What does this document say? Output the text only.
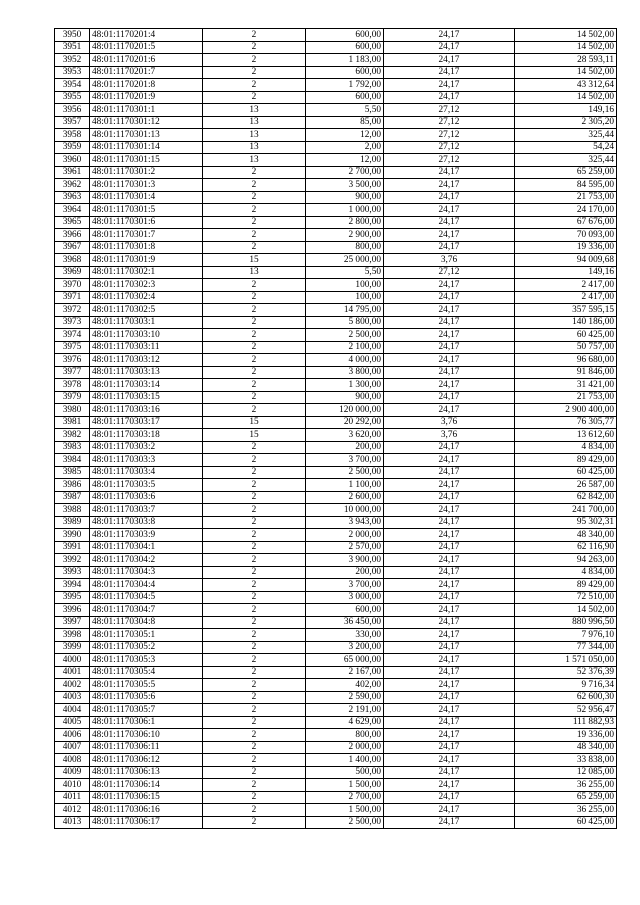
3950	48:01:1170201:4	2	600,00	24,17	14 502,00
3951	48:01:1170201:5	2	600,00	24,17	14 502,00
3952	48:01:1170201:6	2	1 183,00	24,17	28 593,11
3953	48:01:1170201:7	2	600,00	24,17	14 502,00
3954	48:01:1170201:8	2	1 792,00	24,17	43 312,64
3955	48:01:1170201:9	2	600,00	24,17	14 502,00
3956	48:01:1170301:1	13	5,50	27,12	149,16
3957	48:01:1170301:12	13	85,00	27,12	2 305,20
3958	48:01:1170301:13	13	12,00	27,12	325,44
3959	48:01:1170301:14	13	2,00	27,12	54,24
3960	48:01:1170301:15	13	12,00	27,12	325,44
3961	48:01:1170301:2	2	2 700,00	24,17	65 259,00
3962	48:01:1170301:3	2	3 500,00	24,17	84 595,00
3963	48:01:1170301:4	2	900,00	24,17	21 753,00
3964	48:01:1170301:5	2	1 000,00	24,17	24 170,00
3965	48:01:1170301:6	2	2 800,00	24,17	67 676,00
3966	48:01:1170301:7	2	2 900,00	24,17	70 093,00
3967	48:01:1170301:8	2	800,00	24,17	19 336,00
3968	48:01:1170301:9	15	25 000,00	3,76	94 009,68
3969	48:01:1170302:1	13	5,50	27,12	149,16
3970	48:01:1170302:3	2	100,00	24,17	2 417,00
3971	48:01:1170302:4	2	100,00	24,17	2 417,00
3972	48:01:1170302:5	2	14 795,00	24,17	357 595,15
3973	48:01:1170303:1	2	5 800,00	24,17	140 186,00
3974	48:01:1170303:10	2	2 500,00	24,17	60 425,00
3975	48:01:1170303:11	2	2 100,00	24,17	50 757,00
3976	48:01:1170303:12	2	4 000,00	24,17	96 680,00
3977	48:01:1170303:13	2	3 800,00	24,17	91 846,00
3978	48:01:1170303:14	2	1 300,00	24,17	31 421,00
3979	48:01:1170303:15	2	900,00	24,17	21 753,00
3980	48:01:1170303:16	2	120 000,00	24,17	2 900 400,00
3981	48:01:1170303:17	15	20 292,00	3,76	76 305,77
3982	48:01:1170303:18	15	3 620,00	3,76	13 612,60
3983	48:01:1170303:2	2	200,00	24,17	4 834,00
3984	48:01:1170303:3	2	3 700,00	24,17	89 429,00
3985	48:01:1170303:4	2	2 500,00	24,17	60 425,00
3986	48:01:1170303:5	2	1 100,00	24,17	26 587,00
3987	48:01:1170303:6	2	2 600,00	24,17	62 842,00
3988	48:01:1170303:7	2	10 000,00	24,17	241 700,00
3989	48:01:1170303:8	2	3 943,00	24,17	95 302,31
3990	48:01:1170303:9	2	2 000,00	24,17	48 340,00
3991	48:01:1170304:1	2	2 570,00	24,17	62 116,90
3992	48:01:1170304:2	2	3 900,00	24,17	94 263,00
3993	48:01:1170304:3	2	200,00	24,17	4 834,00
3994	48:01:1170304:4	2	3 700,00	24,17	89 429,00
3995	48:01:1170304:5	2	3 000,00	24,17	72 510,00
3996	48:01:1170304:7	2	600,00	24,17	14 502,00
3997	48:01:1170304:8	2	36 450,00	24,17	880 996,50
3998	48:01:1170305:1	2	330,00	24,17	7 976,10
3999	48:01:1170305:2	2	3 200,00	24,17	77 344,00
4000	48:01:1170305:3	2	65 000,00	24,17	1 571 050,00
4001	48:01:1170305:4	2	2 167,00	24,17	52 376,39
4002	48:01:1170305:5	2	402,00	24,17	9 716,34
4003	48:01:1170305:6	2	2 590,00	24,17	62 600,30
4004	48:01:1170305:7	2	2 191,00	24,17	52 956,47
4005	48:01:1170306:1	2	4 629,00	24,17	111 882,93
4006	48:01:1170306:10	2	800,00	24,17	19 336,00
4007	48:01:1170306:11	2	2 000,00	24,17	48 340,00
4008	48:01:1170306:12	2	1 400,00	24,17	33 838,00
4009	48:01:1170306:13	2	500,00	24,17	12 085,00
4010	48:01:1170306:14	2	1 500,00	24,17	36 255,00
4011	48:01:1170306:15	2	2 700,00	24,17	65 259,00
4012	48:01:1170306:16	2	1 500,00	24,17	36 255,00
4013	48:01:1170306:17	2	2 500,00	24,17	60 425,00
